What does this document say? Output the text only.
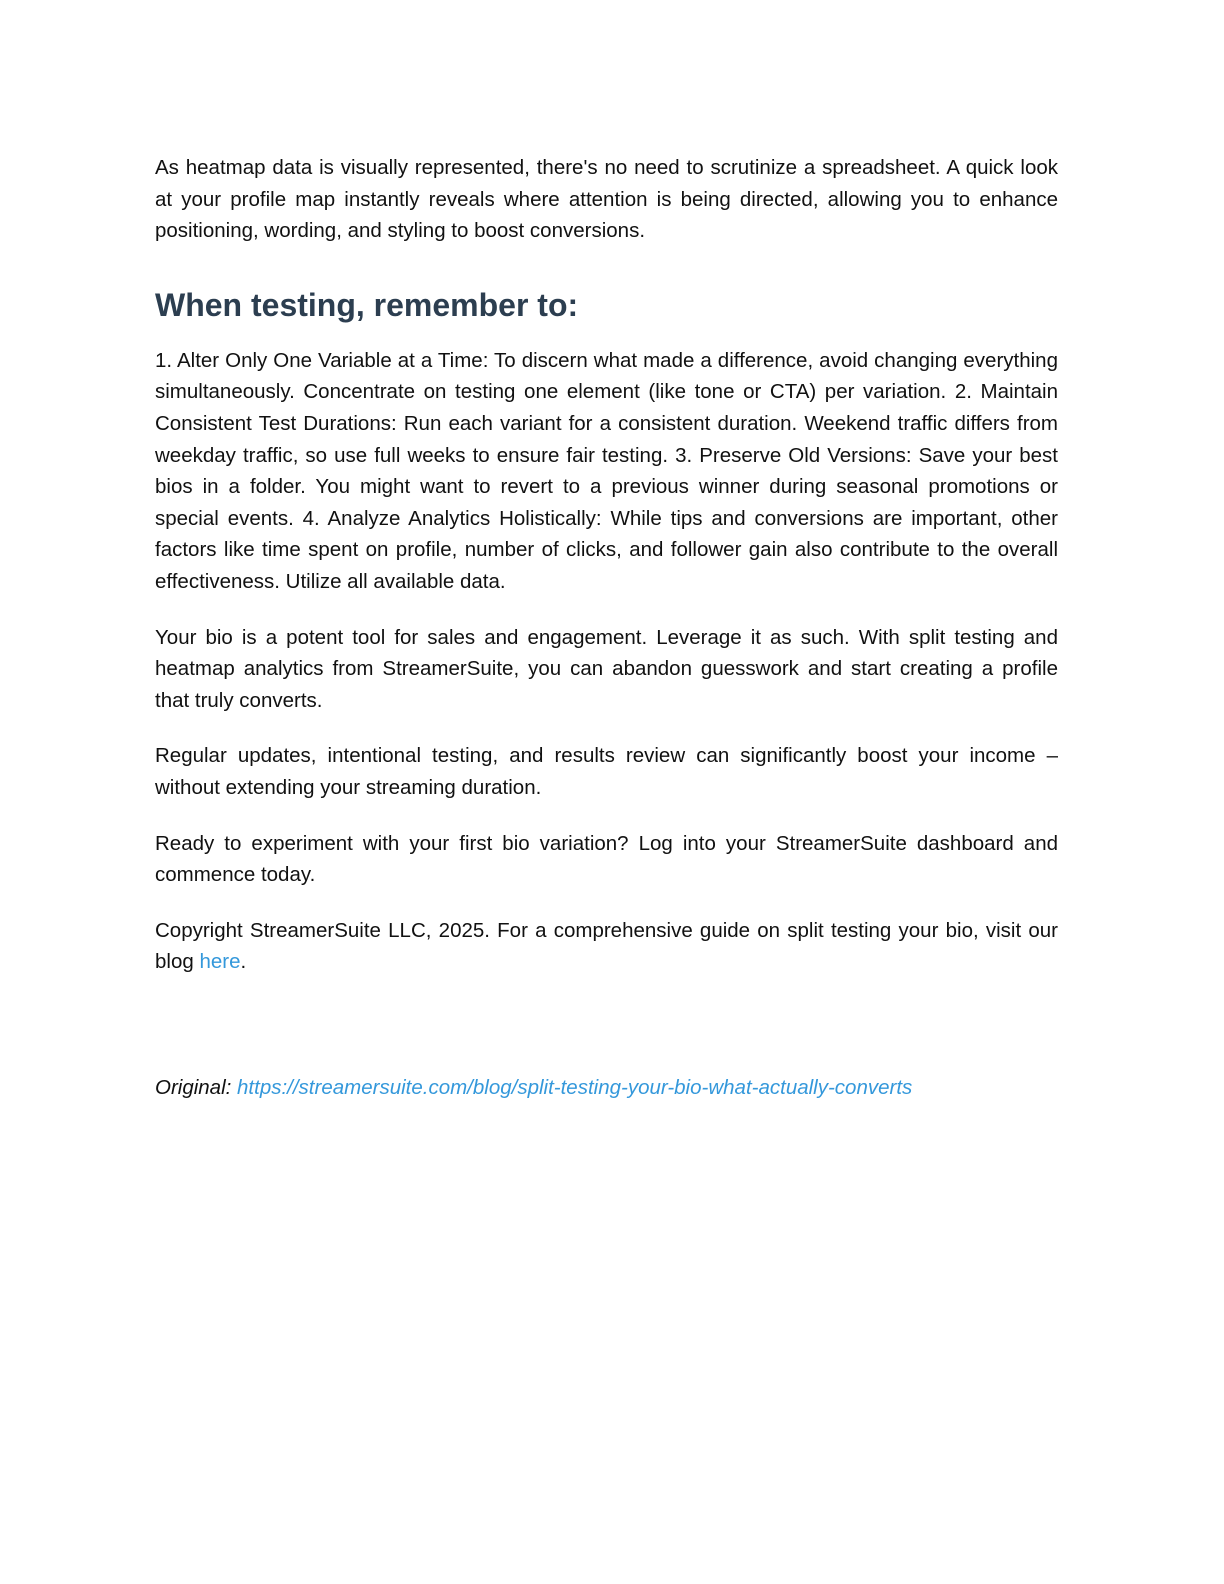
As heatmap data is visually represented, there's no need to scrutinize a spreadsheet. A quick look at your profile map instantly reveals where attention is being directed, allowing you to enhance positioning, wording, and styling to boost conversions.

When testing, remember to:

1. Alter Only One Variable at a Time: To discern what made a difference, avoid changing everything simultaneously. Concentrate on testing one element (like tone or CTA) per variation. 2. Maintain Consistent Test Durations: Run each variant for a consistent duration. Weekend traffic differs from weekday traffic, so use full weeks to ensure fair testing. 3. Preserve Old Versions: Save your best bios in a folder. You might want to revert to a previous winner during seasonal promotions or special events. 4. Analyze Analytics Holistically: While tips and conversions are important, other factors like time spent on profile, number of clicks, and follower gain also contribute to the overall effectiveness. Utilize all available data.

Your bio is a potent tool for sales and engagement. Leverage it as such. With split testing and heatmap analytics from StreamerSuite, you can abandon guesswork and start creating a profile that truly converts.

Regular updates, intentional testing, and results review can significantly boost your income – without extending your streaming duration.

Ready to experiment with your first bio variation? Log into your StreamerSuite dashboard and commence today.

Copyright StreamerSuite LLC, 2025. For a comprehensive guide on split testing your bio, visit our blog here.

Original: https://streamersuite.com/blog/split-testing-your-bio-what-actually-converts
